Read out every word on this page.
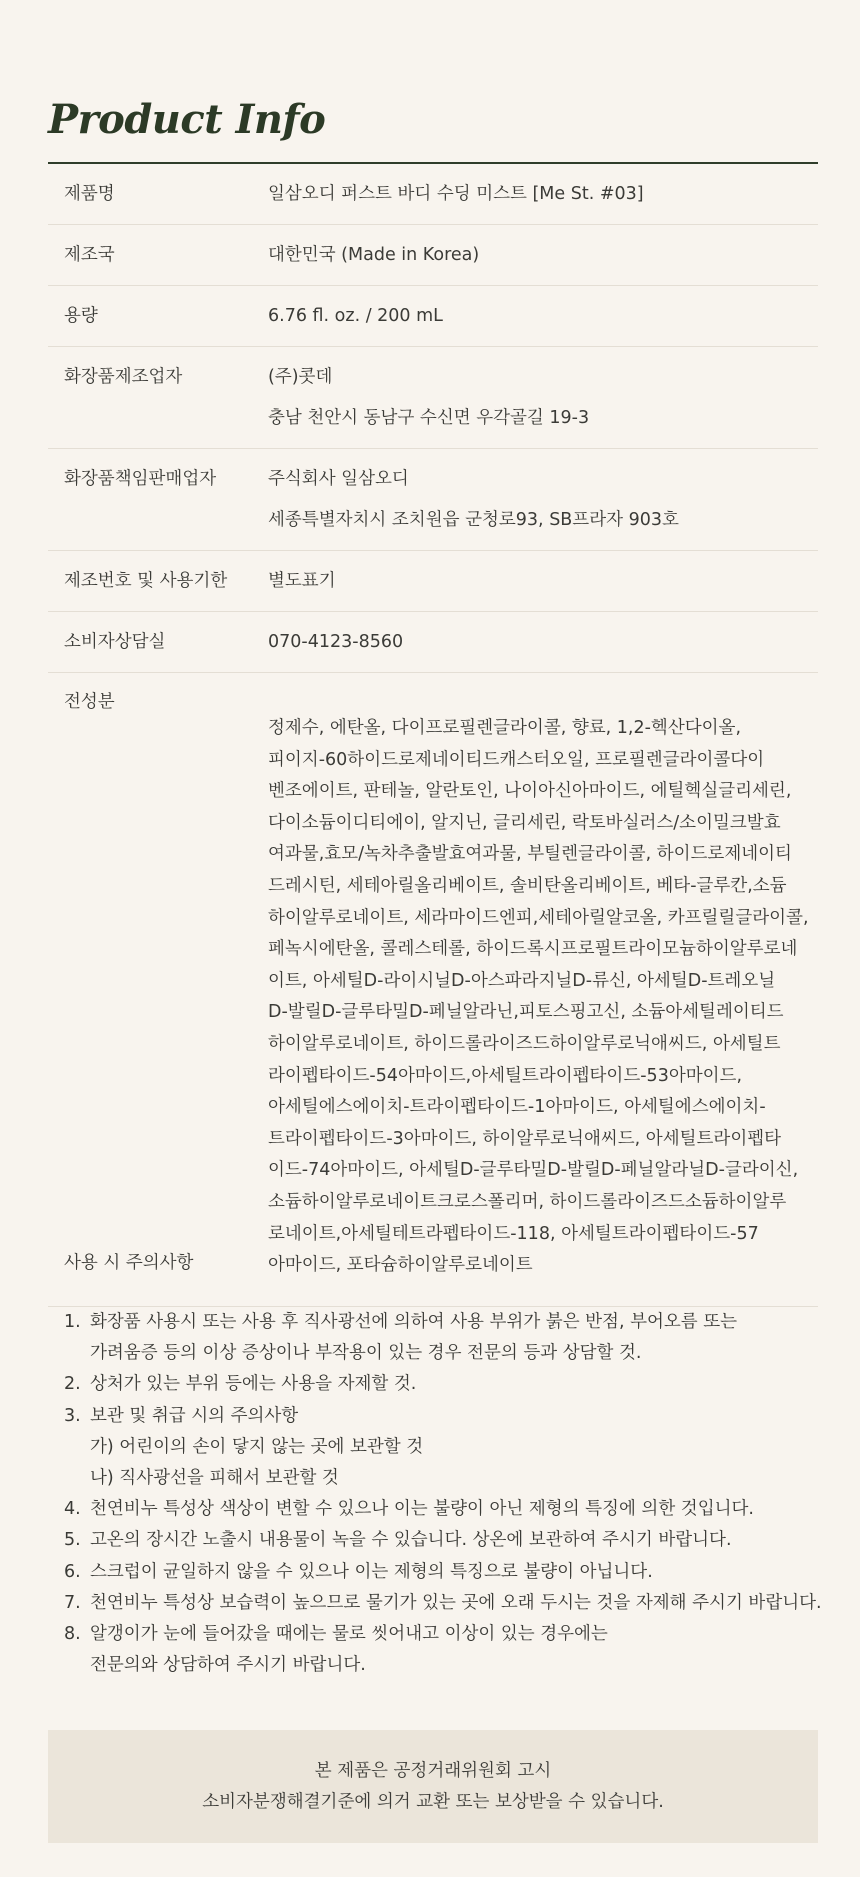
Product Info
제품명	일삼오디 퍼스트 바디 수딩 미스트 [Me St. #03]
제조국	대한민국 (Made in Korea)
용량	6.76 fl. oz. / 200 mL
화장품제조업자	(주)콧데
충남 천안시 동남구 수신면 우각골길 19-3
화장품책임판매업자	주식회사 일삼오디
세종특별자치시 조치원읍 군청로93, SB프라자 903호
제조번호 및 사용기한	별도표기
소비자상담실	070-4123-8560
전성분
정제수, 에탄올, 다이프로필렌글라이콜, 향료, 1,2-헥산다이올,
피이지-60하이드로제네이티드캐스터오일, 프로필렌글라이콜다이
벤조에이트, 판테놀, 알란토인, 나이아신아마이드, 에틸헥실글리세린,
다이소듐이디티에이, 알지닌, 글리세린, 락토바실러스/소이밀크발효
여과물,효모/녹차추출발효여과물, 부틸렌글라이콜, 하이드로제네이티
드레시틴, 세테아릴올리베이트, 솔비탄올리베이트, 베타-글루칸,소듐
하이알루로네이트, 세라마이드엔피,세테아릴알코올, 카프릴릴글라이콜,
페녹시에탄올, 콜레스테롤, 하이드록시프로필트라이모늄하이알루로네
이트, 아세틸D-라이시닐D-아스파라지닐D-류신, 아세틸D-트레오닐
D-발릴D-글루타밀D-페닐알라닌,피토스핑고신, 소듐아세틸레이티드
하이알루로네이트, 하이드롤라이즈드하이알루로닉애씨드, 아세틸트
라이펩타이드-54아마이드,아세틸트라이펩타이드-53아마이드,
아세틸에스에이치-트라이펩타이드-1아마이드, 아세틸에스에이치-
트라이펩타이드-3아마이드, 하이알루로닉애씨드, 아세틸트라이펩타
이드-74아마이드, 아세틸D-글루타밀D-발릴D-페닐알라닐D-글라이신,
소듐하이알루로네이트크로스폴리머, 하이드롤라이즈드소듐하이알루
로네이트,아세틸테트라펩타이드-118, 아세틸트라이펩타이드-57
아마이드, 포타슘하이알루로네이트
사용 시 주의사항
1. 화장품 사용시 또는 사용 후 직사광선에 의하여 사용 부위가 붉은 반점, 부어오름 또는
가려움증 등의 이상 증상이나 부작용이 있는 경우 전문의 등과 상담할 것.
2. 상처가 있는 부위 등에는 사용을 자제할 것.
3. 보관 및 취급 시의 주의사항
가) 어린이의 손이 닿지 않는 곳에 보관할 것
나) 직사광선을 피해서 보관할 것
4. 천연비누 특성상 색상이 변할 수 있으나 이는 불량이 아닌 제형의 특징에 의한 것입니다.
5. 고온의 장시간 노출시 내용물이 녹을 수 있습니다. 상온에 보관하여 주시기 바랍니다.
6. 스크럽이 균일하지 않을 수 있으나 이는 제형의 특징으로 불량이 아닙니다.
7. 천연비누 특성상 보습력이 높으므로 물기가 있는 곳에 오래 두시는 것을 자제해 주시기 바랍니다.
8. 알갱이가 눈에 들어갔을 때에는 물로 씻어내고 이상이 있는 경우에는
전문의와 상담하여 주시기 바랍니다.
본 제품은 공정거래위원회 고시
소비자분쟁해결기준에 의거 교환 또는 보상받을 수 있습니다.
